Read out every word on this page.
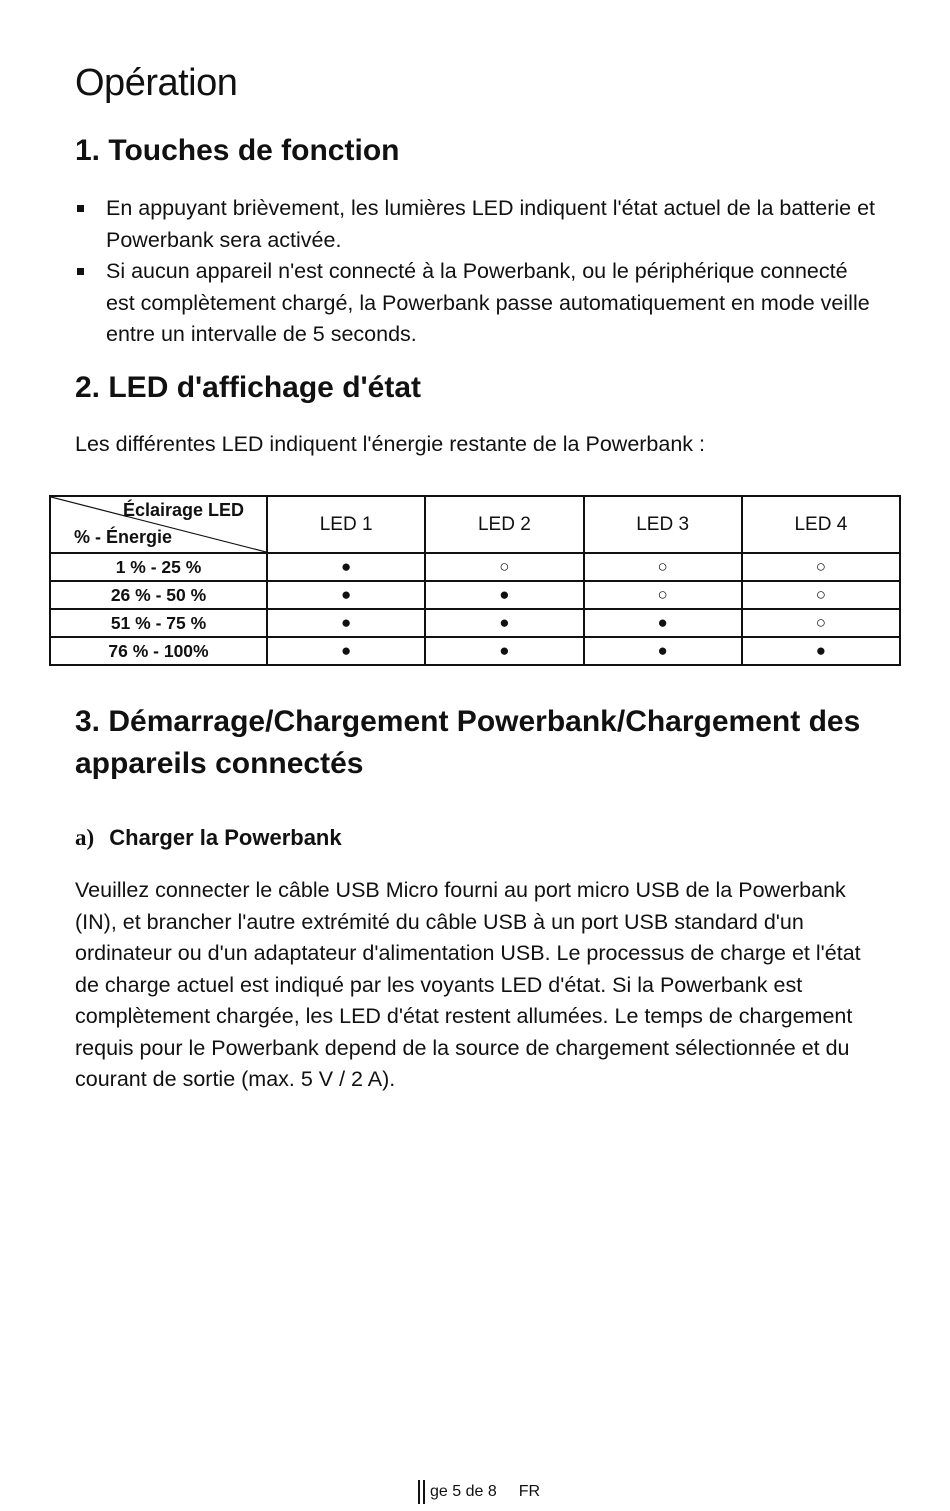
Opération
1. Touches de fonction
En appuyant brièvement, les lumières LED indiquent l'état actuel de la batterie et Powerbank sera activée.
Si aucun appareil n'est connecté à la Powerbank, ou le périphérique connecté est complètement chargé, la Powerbank passe automatiquement en mode veille entre un intervalle de 5 seconds.
2. LED d'affichage d'état
Les différentes LED indiquent l'énergie restante de la Powerbank :
Éclairage LED
% - Énergie	LED 1	LED 2	LED 3	LED 4
1 % - 25 %	●	○	○	○
26 % - 50 %	●	●	○	○
51 % - 75 %	●	●	●	○
76 % - 100%	●	●	●	●
3. Démarrage/Chargement Powerbank/Chargement des appareils connectés
a) Charger la Powerbank
Veuillez connecter le câble USB Micro fourni au port micro USB de la Powerbank (IN), et brancher l'autre extrémité du câble USB à un port USB standard d'un ordinateur ou d'un adaptateur d'alimentation USB. Le processus de charge et l'état de charge actuel est indiqué par les voyants LED d'état. Si la Powerbank est complètement chargée, les LED d'état restent allumées. Le temps de chargement requis pour le Powerbank depend de la source de chargement sélectionnée et du courant de sortie (max. 5 V / 2 A).
ge 5 de 8 FR
